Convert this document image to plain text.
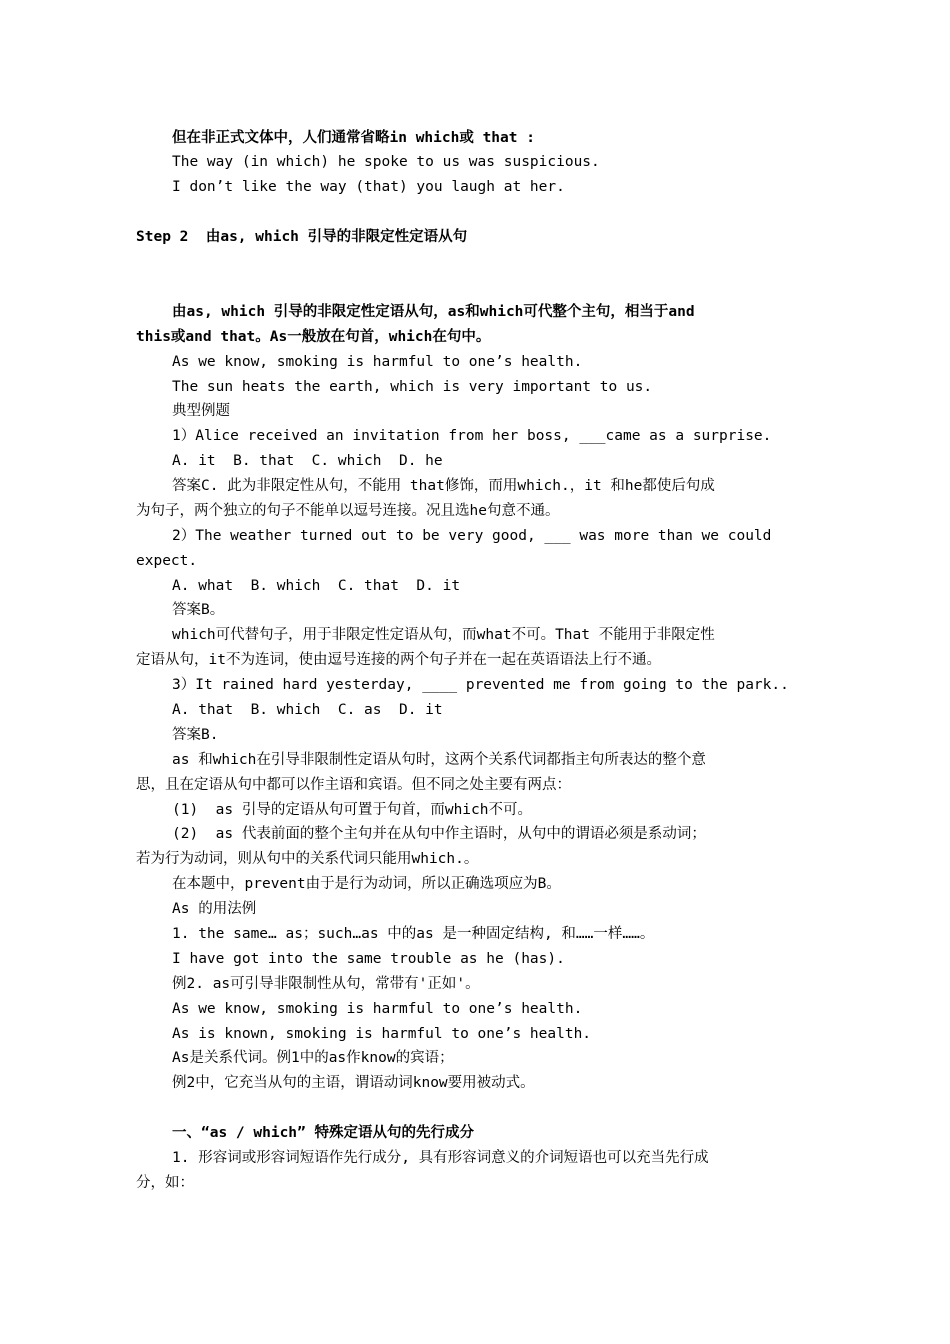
但在非正式文体中，人们通常省略in which或 that :
The way (in which) he spoke to us was suspicious.
I don’t like the way (that) you laugh at her.
Step 2  由as, which 引导的非限定性定语从句
由as, which 引导的非限定性定语从句，as和which可代整个主句，相当于and
this或and that。As一般放在句首，which在句中。
As we know, smoking is harmful to one’s health.
The sun heats the earth, which is very important to us.
典型例题
1）Alice received an invitation from her boss, ___came as a surprise.
A. it  B. that  C. which  D. he
答案C. 此为非限定性从句，不能用 that修饰，而用which.，it 和he都使后句成
为句子，两个独立的句子不能单以逗号连接。况且选he句意不通。
2）The weather turned out to be very good, ___ was more than we could
expect.
A. what  B. which  C. that  D. it
答案B。
which可代替句子，用于非限定性定语从句，而what不可。That 不能用于非限定性
定语从句，it不为连词，使由逗号连接的两个句子并在一起在英语语法上行不通。
3）It rained hard yesterday, ____ prevented me from going to the park..
A. that  B. which  C. as  D. it
答案B.
as 和which在引导非限制性定语从句时，这两个关系代词都指主句所表达的整个意
思，且在定语从句中都可以作主语和宾语。但不同之处主要有两点：
(1)  as 引导的定语从句可置于句首，而which不可。
(2)  as 代表前面的整个主句并在从句中作主语时，从句中的谓语必须是系动词；
若为行为动词，则从句中的关系代词只能用which.。
在本题中，prevent由于是行为动词，所以正确选项应为B。
As 的用法例
1. the same… as；such…as 中的as 是一种固定结构, 和……一样……。
I have got into the same trouble as he (has).
例2. as可引导非限制性从句，常带有'正如'。
As we know, smoking is harmful to one’s health.
As is known, smoking is harmful to one’s health.
As是关系代词。例1中的as作know的宾语；
例2中，它充当从句的主语，谓语动词know要用被动式。
一、“as / which” 特殊定语从句的先行成分
1. 形容词或形容词短语作先行成分, 具有形容词意义的介词短语也可以充当先行成
分，如：
